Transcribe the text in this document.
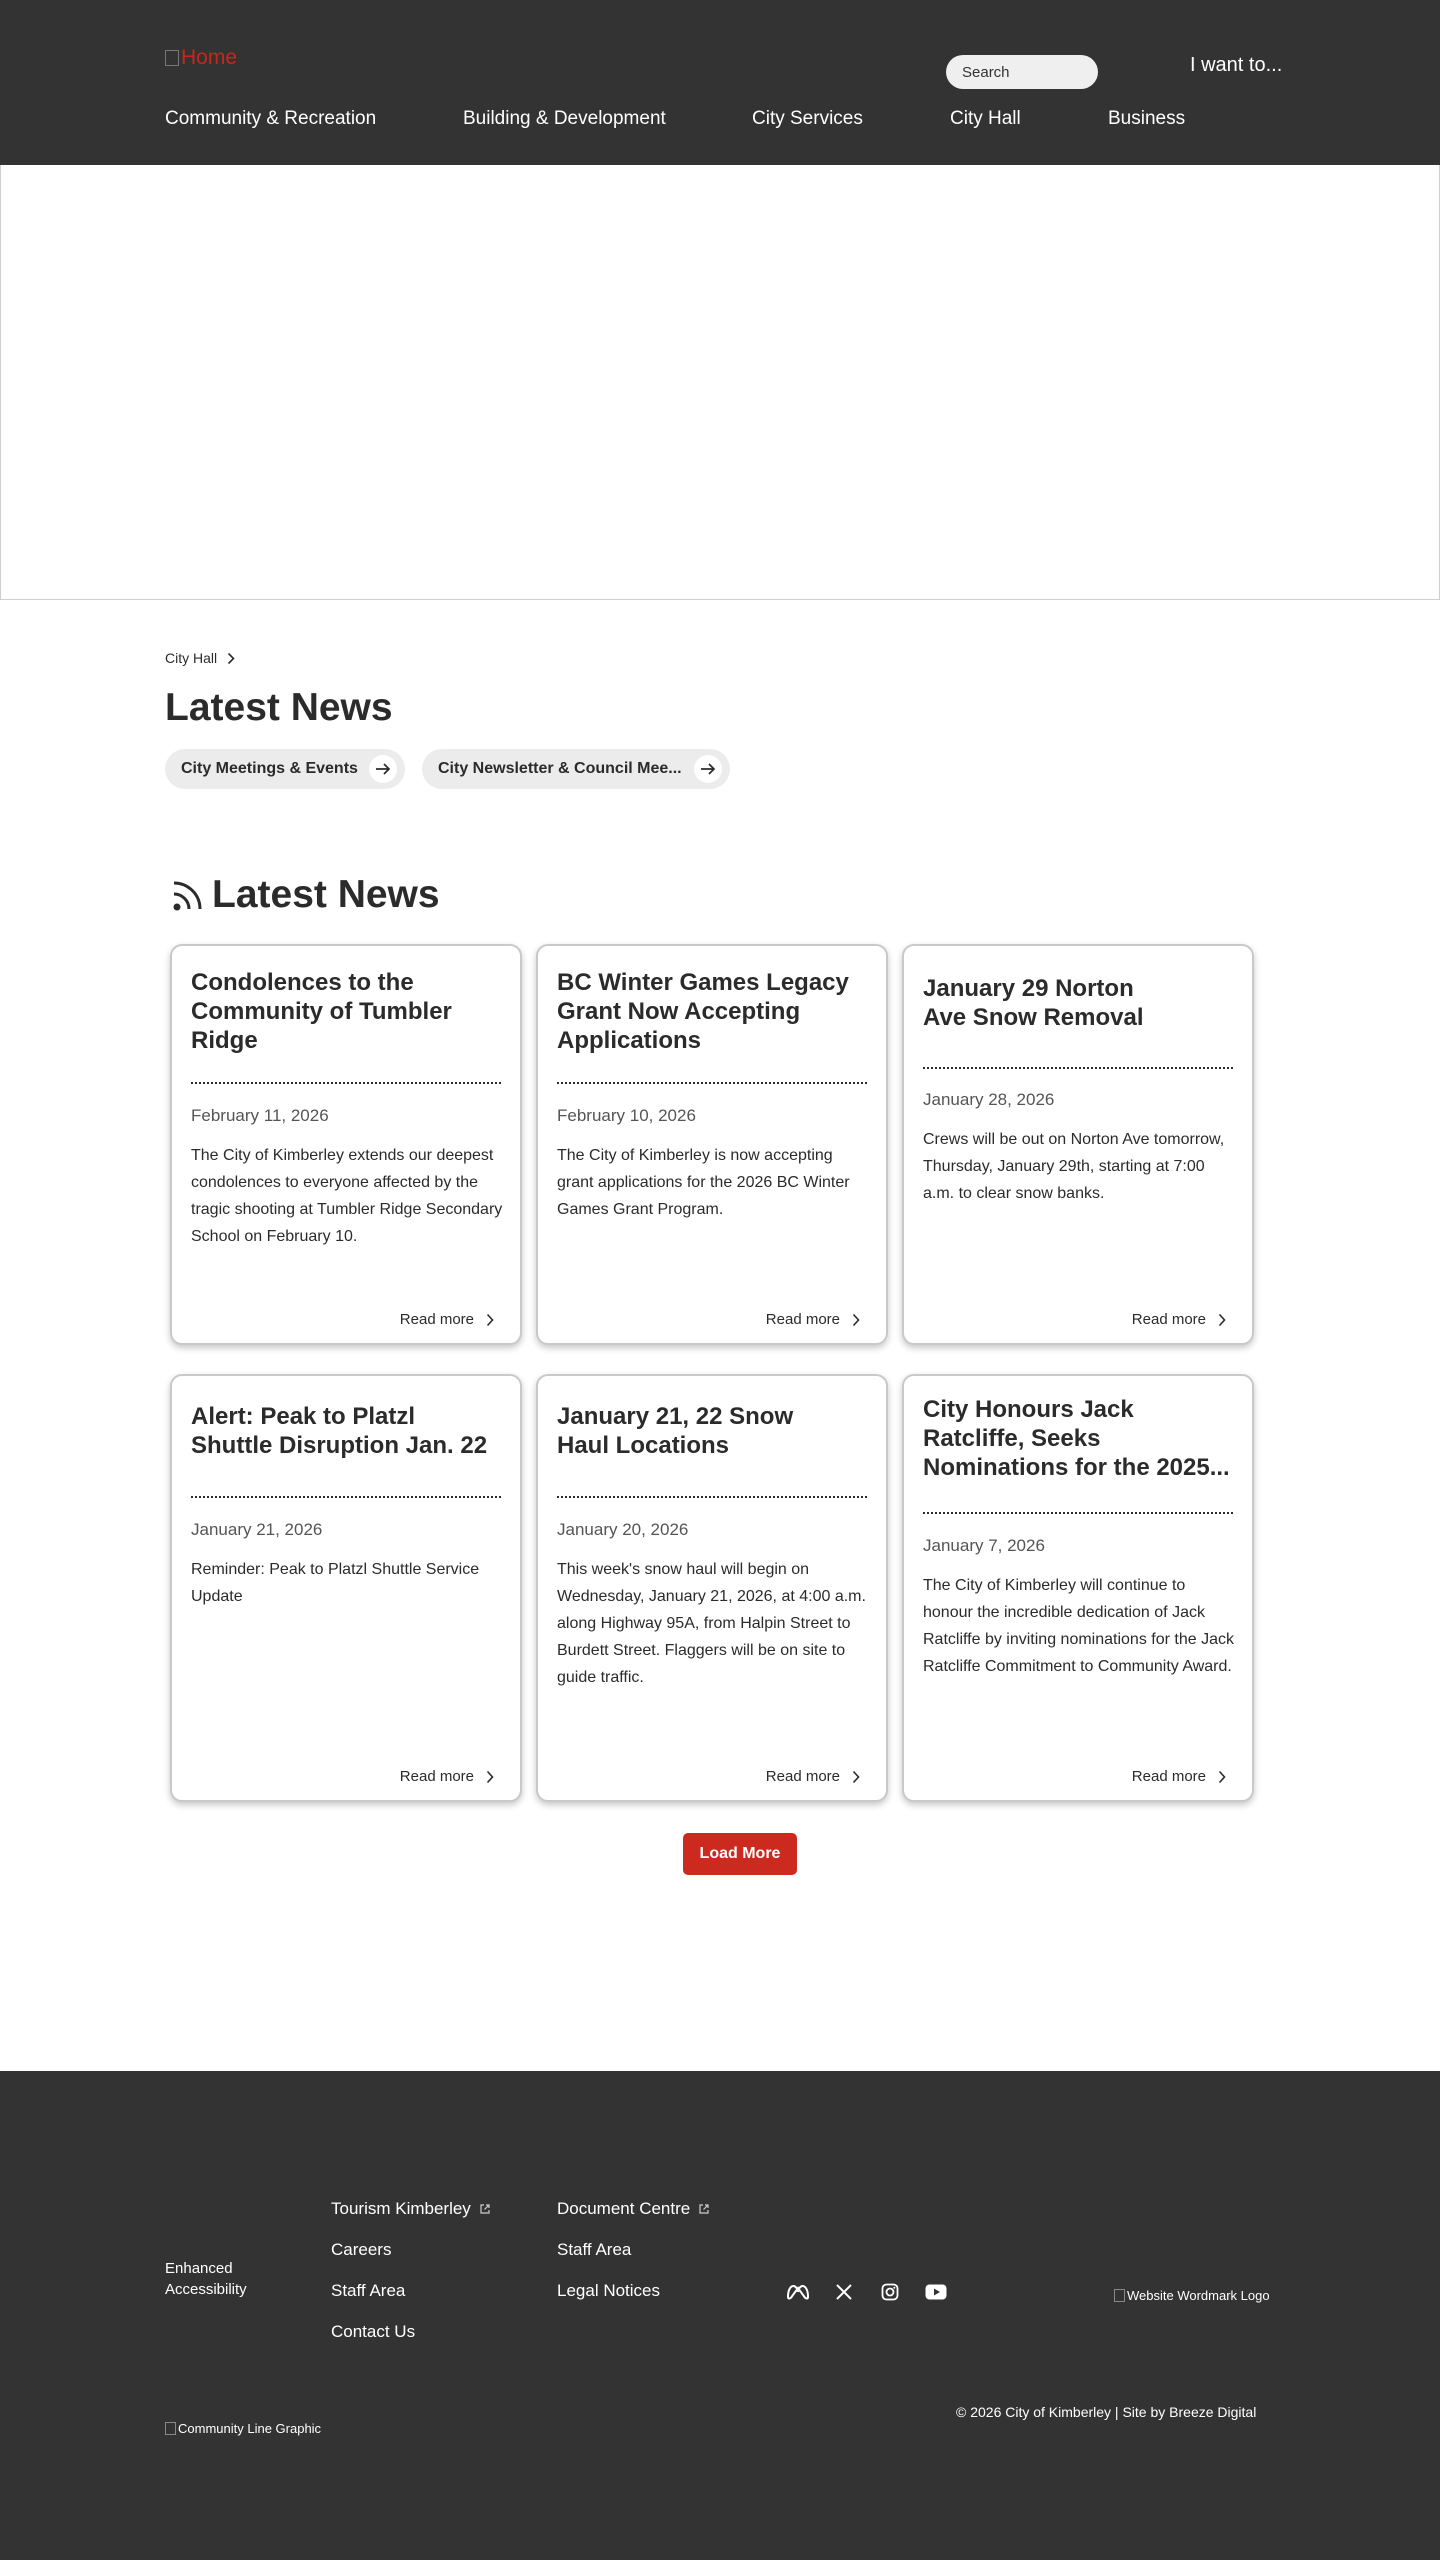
Home
Search	I want to...
Community & Recreation	Building & Development	City Services	City Hall	Business
City Hall
Latest News
City Meetings & Events	City Newsletter & Council Mee...
Latest News
Condolences to the Community of Tumbler Ridge
February 11, 2026
The City of Kimberley extends our deepest condolences to everyone affected by the tragic shooting at Tumbler Ridge Secondary School on February 10.
Read more
BC Winter Games Legacy Grant Now Accepting Applications
February 10, 2026
The City of Kimberley is now accepting grant applications for the 2026 BC Winter Games Grant Program.
Read more
January 29 Norton Ave Snow Removal
January 28, 2026
Crews will be out on Norton Ave tomorrow, Thursday, January 29th, starting at 7:00 a.m. to clear snow banks.
Read more
Alert: Peak to Platzl Shuttle Disruption Jan. 22
January 21, 2026
Reminder: Peak to Platzl Shuttle Service Update
Read more
January 21, 22 Snow Haul Locations
January 20, 2026
This week's snow haul will begin on Wednesday, January 21, 2026, at 4:00 a.m. along Highway 95A, from Halpin Street to Burdett Street. Flaggers will be on site to guide traffic.
Read more
City Honours Jack Ratcliffe, Seeks Nominations for the 2025...
January 7, 2026
The City of Kimberley will continue to honour the incredible dedication of Jack Ratcliffe by inviting nominations for the Jack Ratcliffe Commitment to Community Award.
Read more
Load More
Enhanced Accessibility
Tourism Kimberley
Careers
Staff Area
Contact Us
Document Centre
Staff Area
Legal Notices	Website Wordmark Logo
Community Line Graphic
© 2026 City of Kimberley | Site by Breeze Digital
